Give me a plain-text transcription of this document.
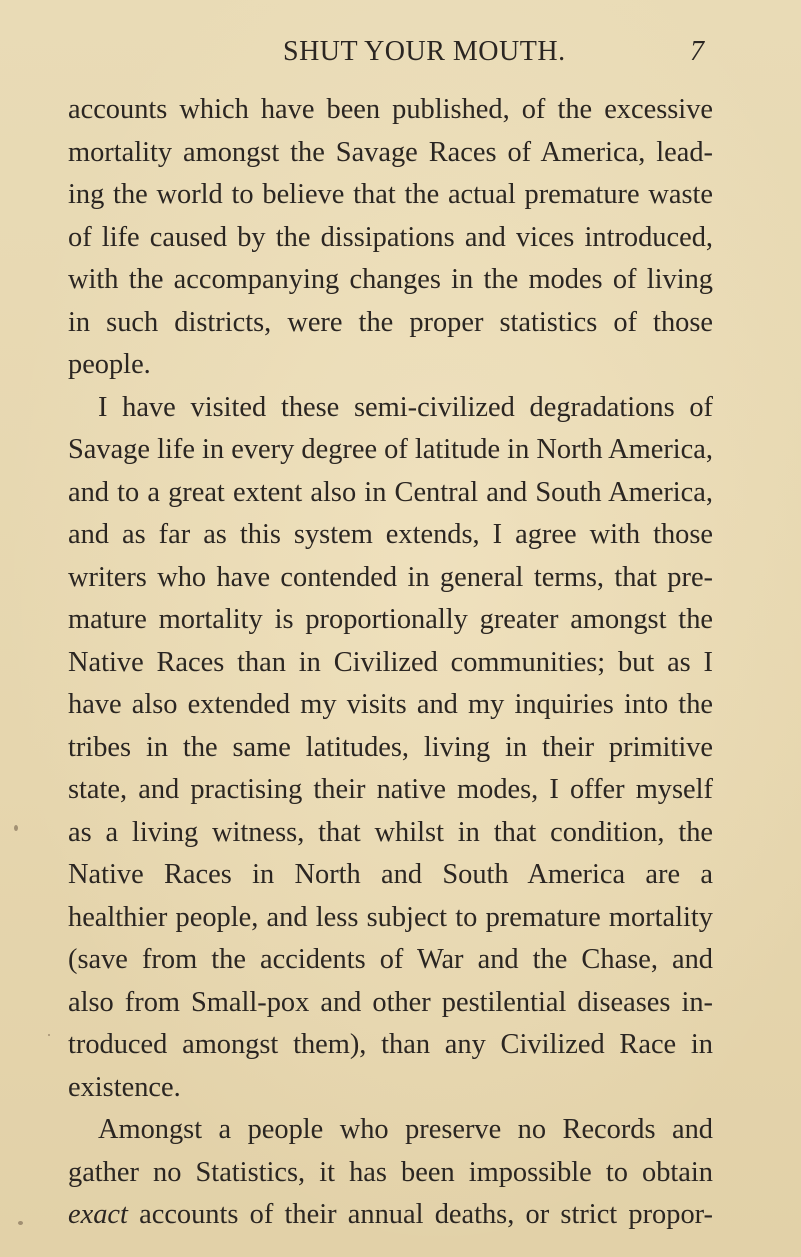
SHUT YOUR MOUTH.	7
accounts which have been published, of the excessive
mortality amongst the Savage Races of America, lead-
ing the world to believe that the actual premature waste
of life caused by the dissipations and vices introduced,
with the accompanying changes in the modes of living
in such districts, were the proper statistics of those
people.
I have visited these semi-civilized degradations of
Savage life in every degree of latitude in North America,
and to a great extent also in Central and South America,
and as far as this system extends, I agree with those
writers who have contended in general terms, that pre-
mature mortality is proportionally greater amongst the
Native Races than in Civilized communities; but as I
have also extended my visits and my inquiries into the
tribes in the same latitudes, living in their primitive
state, and practising their native modes, I offer myself
as a living witness, that whilst in that condition, the
Native Races in North and South America are a
healthier people, and less subject to premature mortality
(save from the accidents of War and the Chase, and
also from Small-pox and other pestilential diseases in-
troduced amongst them), than any Civilized Race in
existence.
Amongst a people who preserve no Records and
gather no Statistics, it has been impossible to obtain
exact accounts of their annual deaths, or strict propor-
